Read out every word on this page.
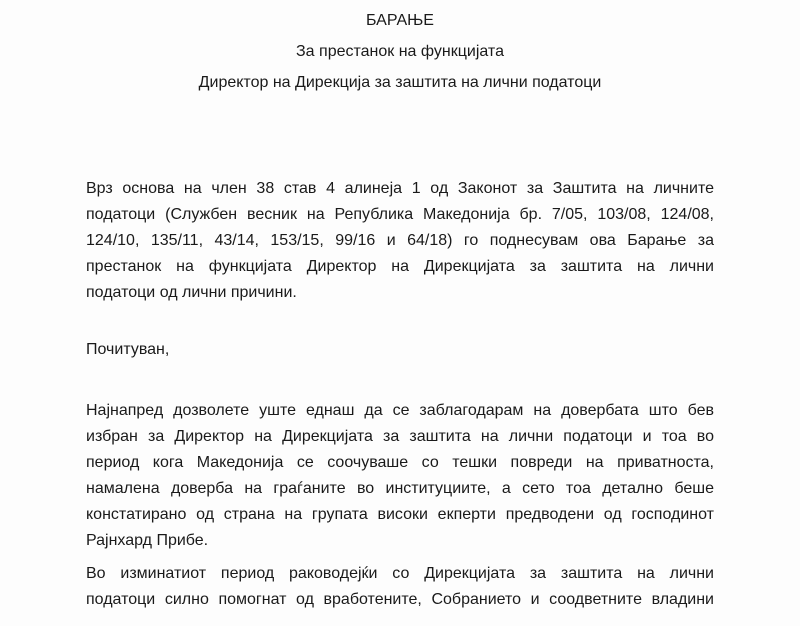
БАРАЊЕ
За престанок на функцијата
Директор на Дирекција за заштита на лични податоци
Врз основа на член 38 став 4 алинеја 1 од Законот за Заштита на личните
податоци (Службен весник на Република Македонија бр. 7/05, 103/08, 124/08,
124/10, 135/11, 43/14, 153/15, 99/16 и 64/18) го поднесувам ова Барање за
престанок на функцијата Директор на Дирекцијата за заштита на лични
податоци од лични причини.
Почитуван,
Најнапред дозволете уште еднаш да се заблагодарам на довербата што бев
избран за Директор на Дирекцијата за заштита на лични податоци и тоа во
период кога Македонија се соочуваше со тешки повреди на приватноста,
намалена доверба на граѓаните во институциите, а сето тоа детално беше
констатирано од страна на групата високи екперти предводени од господинот
Рајнхард Прибе.
Во изминатиот период раководејќи со Дирекцијата за заштита на лични
податоци силно помогнат од вработените, Собранието и соодветните владини
